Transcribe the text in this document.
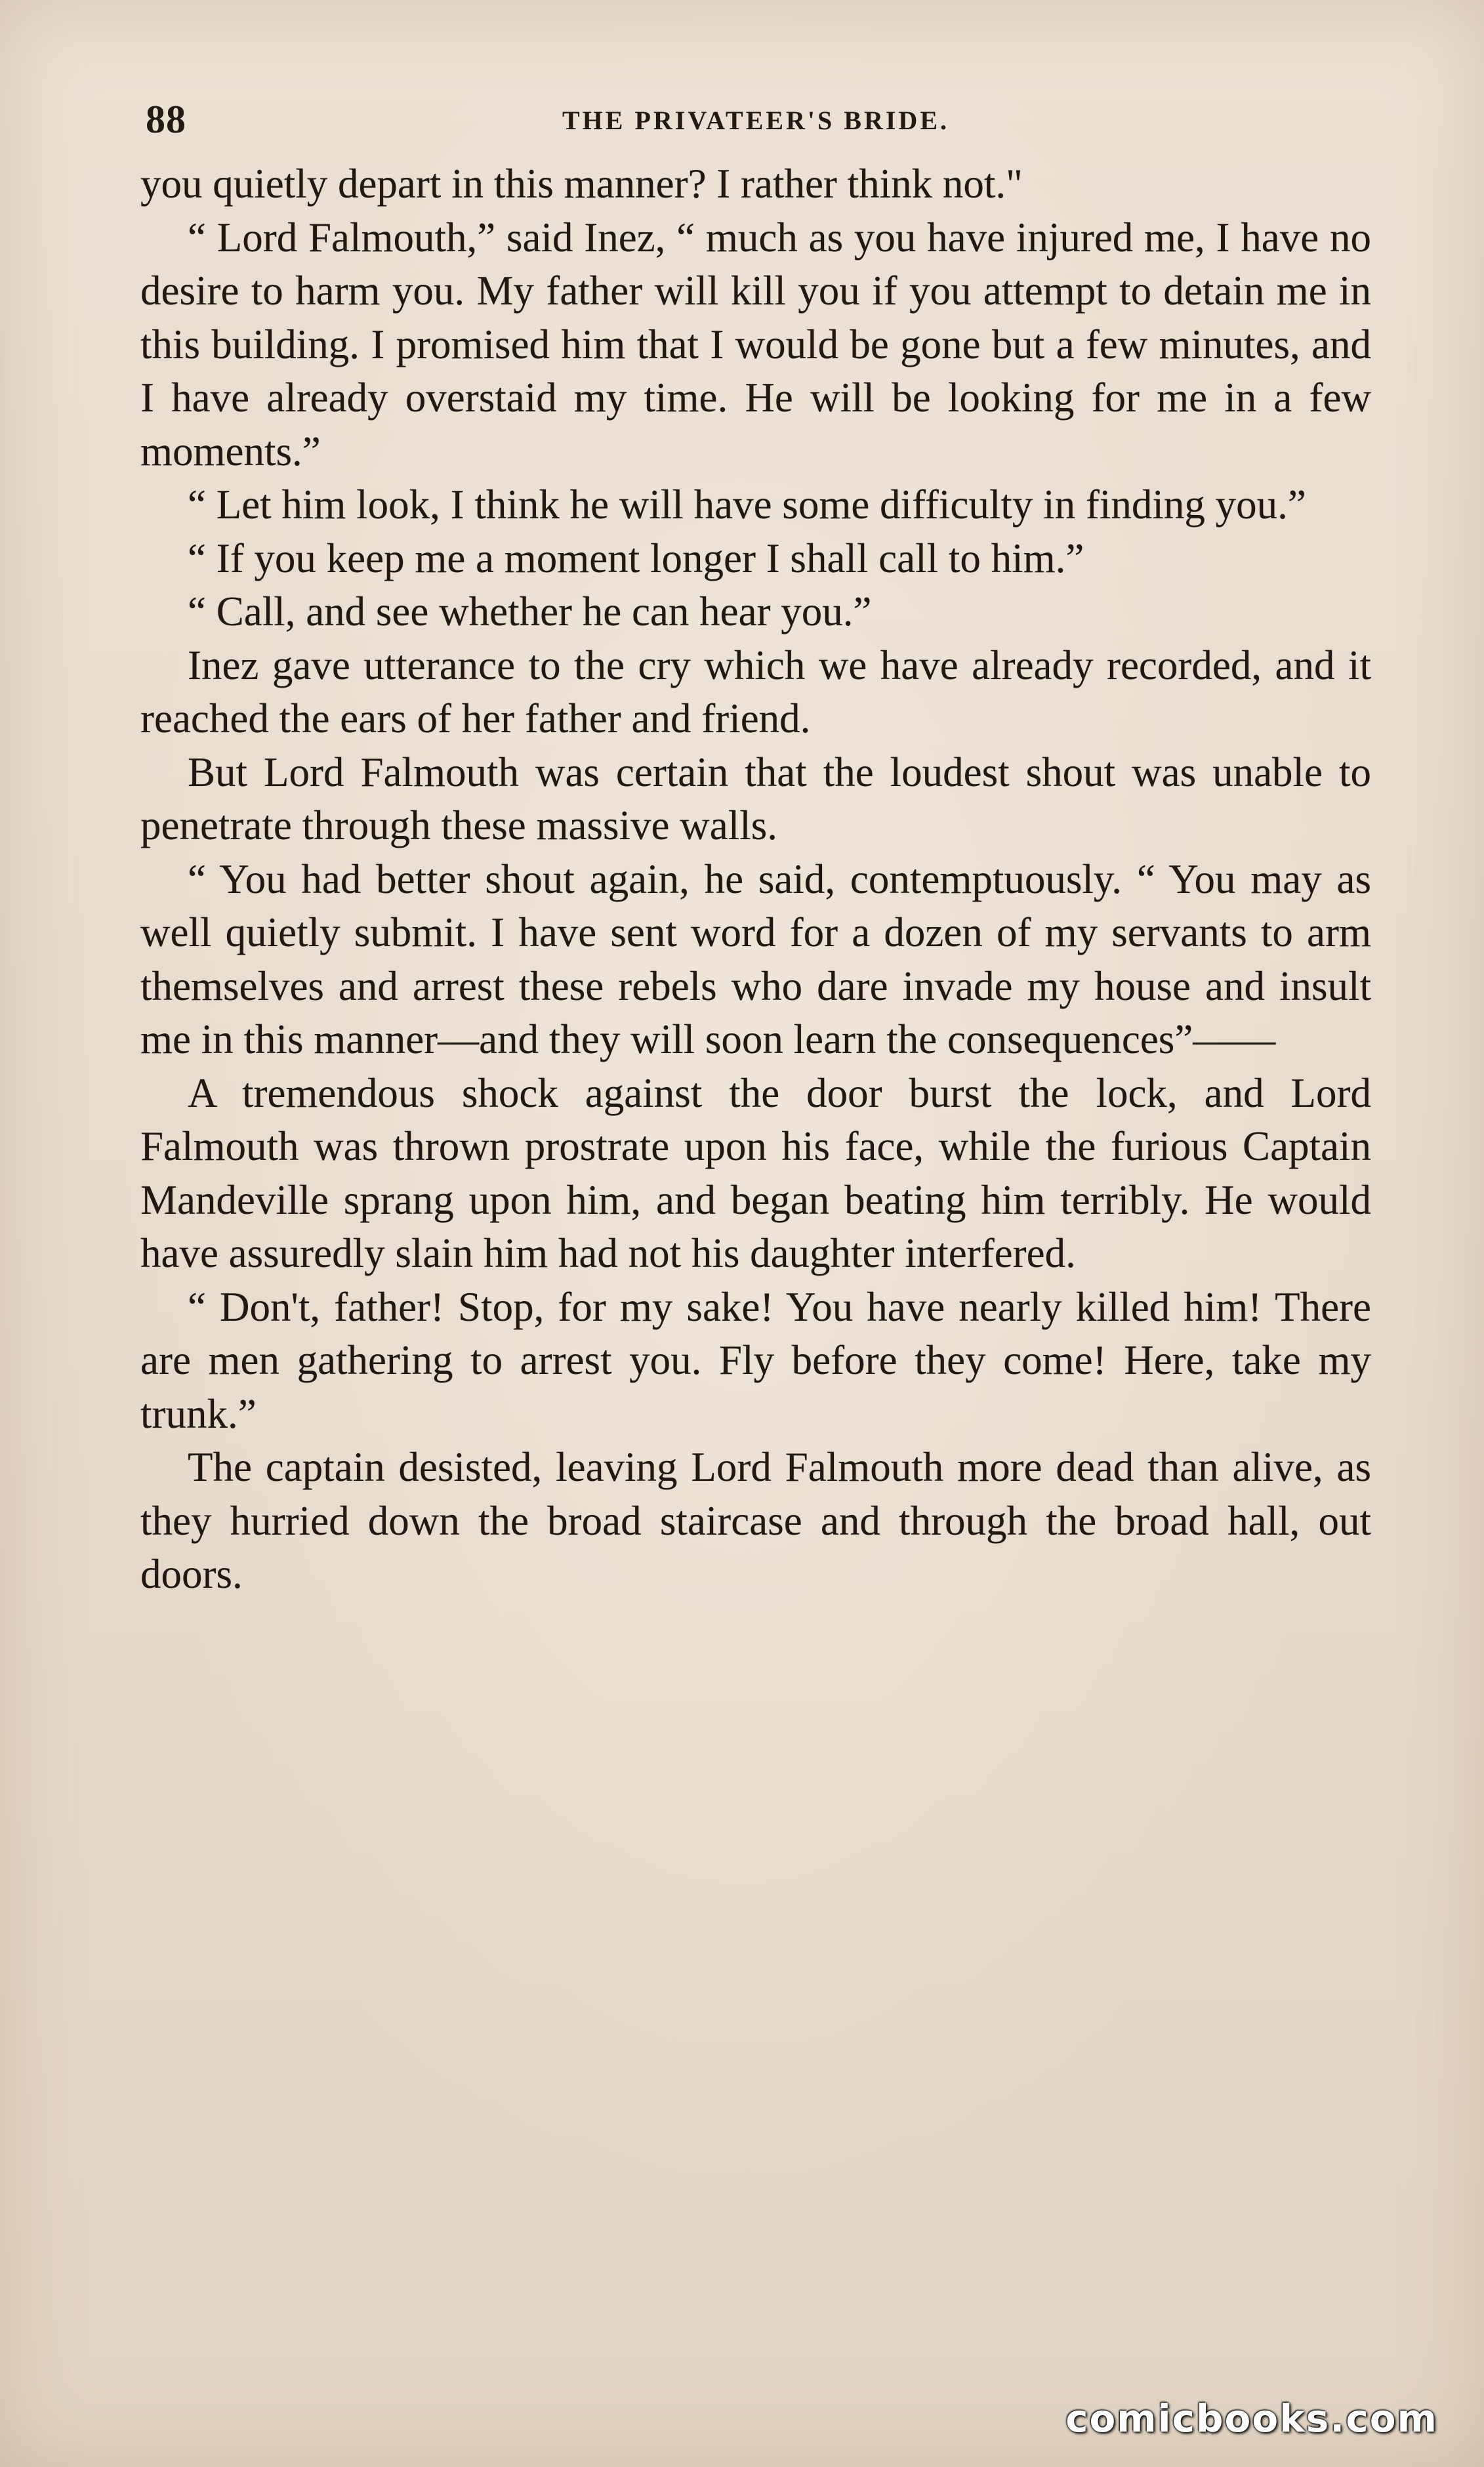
88	THE PRIVATEER'S BRIDE.

you quietly depart in this manner? I rather think not."

“ Lord Falmouth,” said Inez, “ much as you have injured me, I have no desire to harm you. My father will kill you if you attempt to detain me in this building. I promised him that I would be gone but a few minutes, and I have already overstaid my time. He will be looking for me in a few moments.”

“ Let him look, I think he will have some difficulty in finding you.”

“ If you keep me a moment longer I shall call to him.”

“ Call, and see whether he can hear you.”

Inez gave utterance to the cry which we have already recorded, and it reached the ears of her father and friend.

But Lord Falmouth was certain that the loudest shout was unable to penetrate through these massive walls.

“ You had better shout again, he said, contemptuously. “ You may as well quietly submit. I have sent word for a dozen of my servants to arm themselves and arrest these rebels who dare invade my house and insult me in this manner—and they will soon learn the consequences”——

A tremendous shock against the door burst the lock, and Lord Falmouth was thrown prostrate upon his face, while the furious Captain Mandeville sprang upon him, and began beating him terribly. He would have assuredly slain him had not his daughter interfered.

“ Don't, father! Stop, for my sake! You have nearly killed him! There are men gathering to arrest you. Fly before they come! Here, take my trunk.”

The captain desisted, leaving Lord Falmouth more dead than alive, as they hurried down the broad staircase and through the broad hall, out doors.

comicbooks.com
